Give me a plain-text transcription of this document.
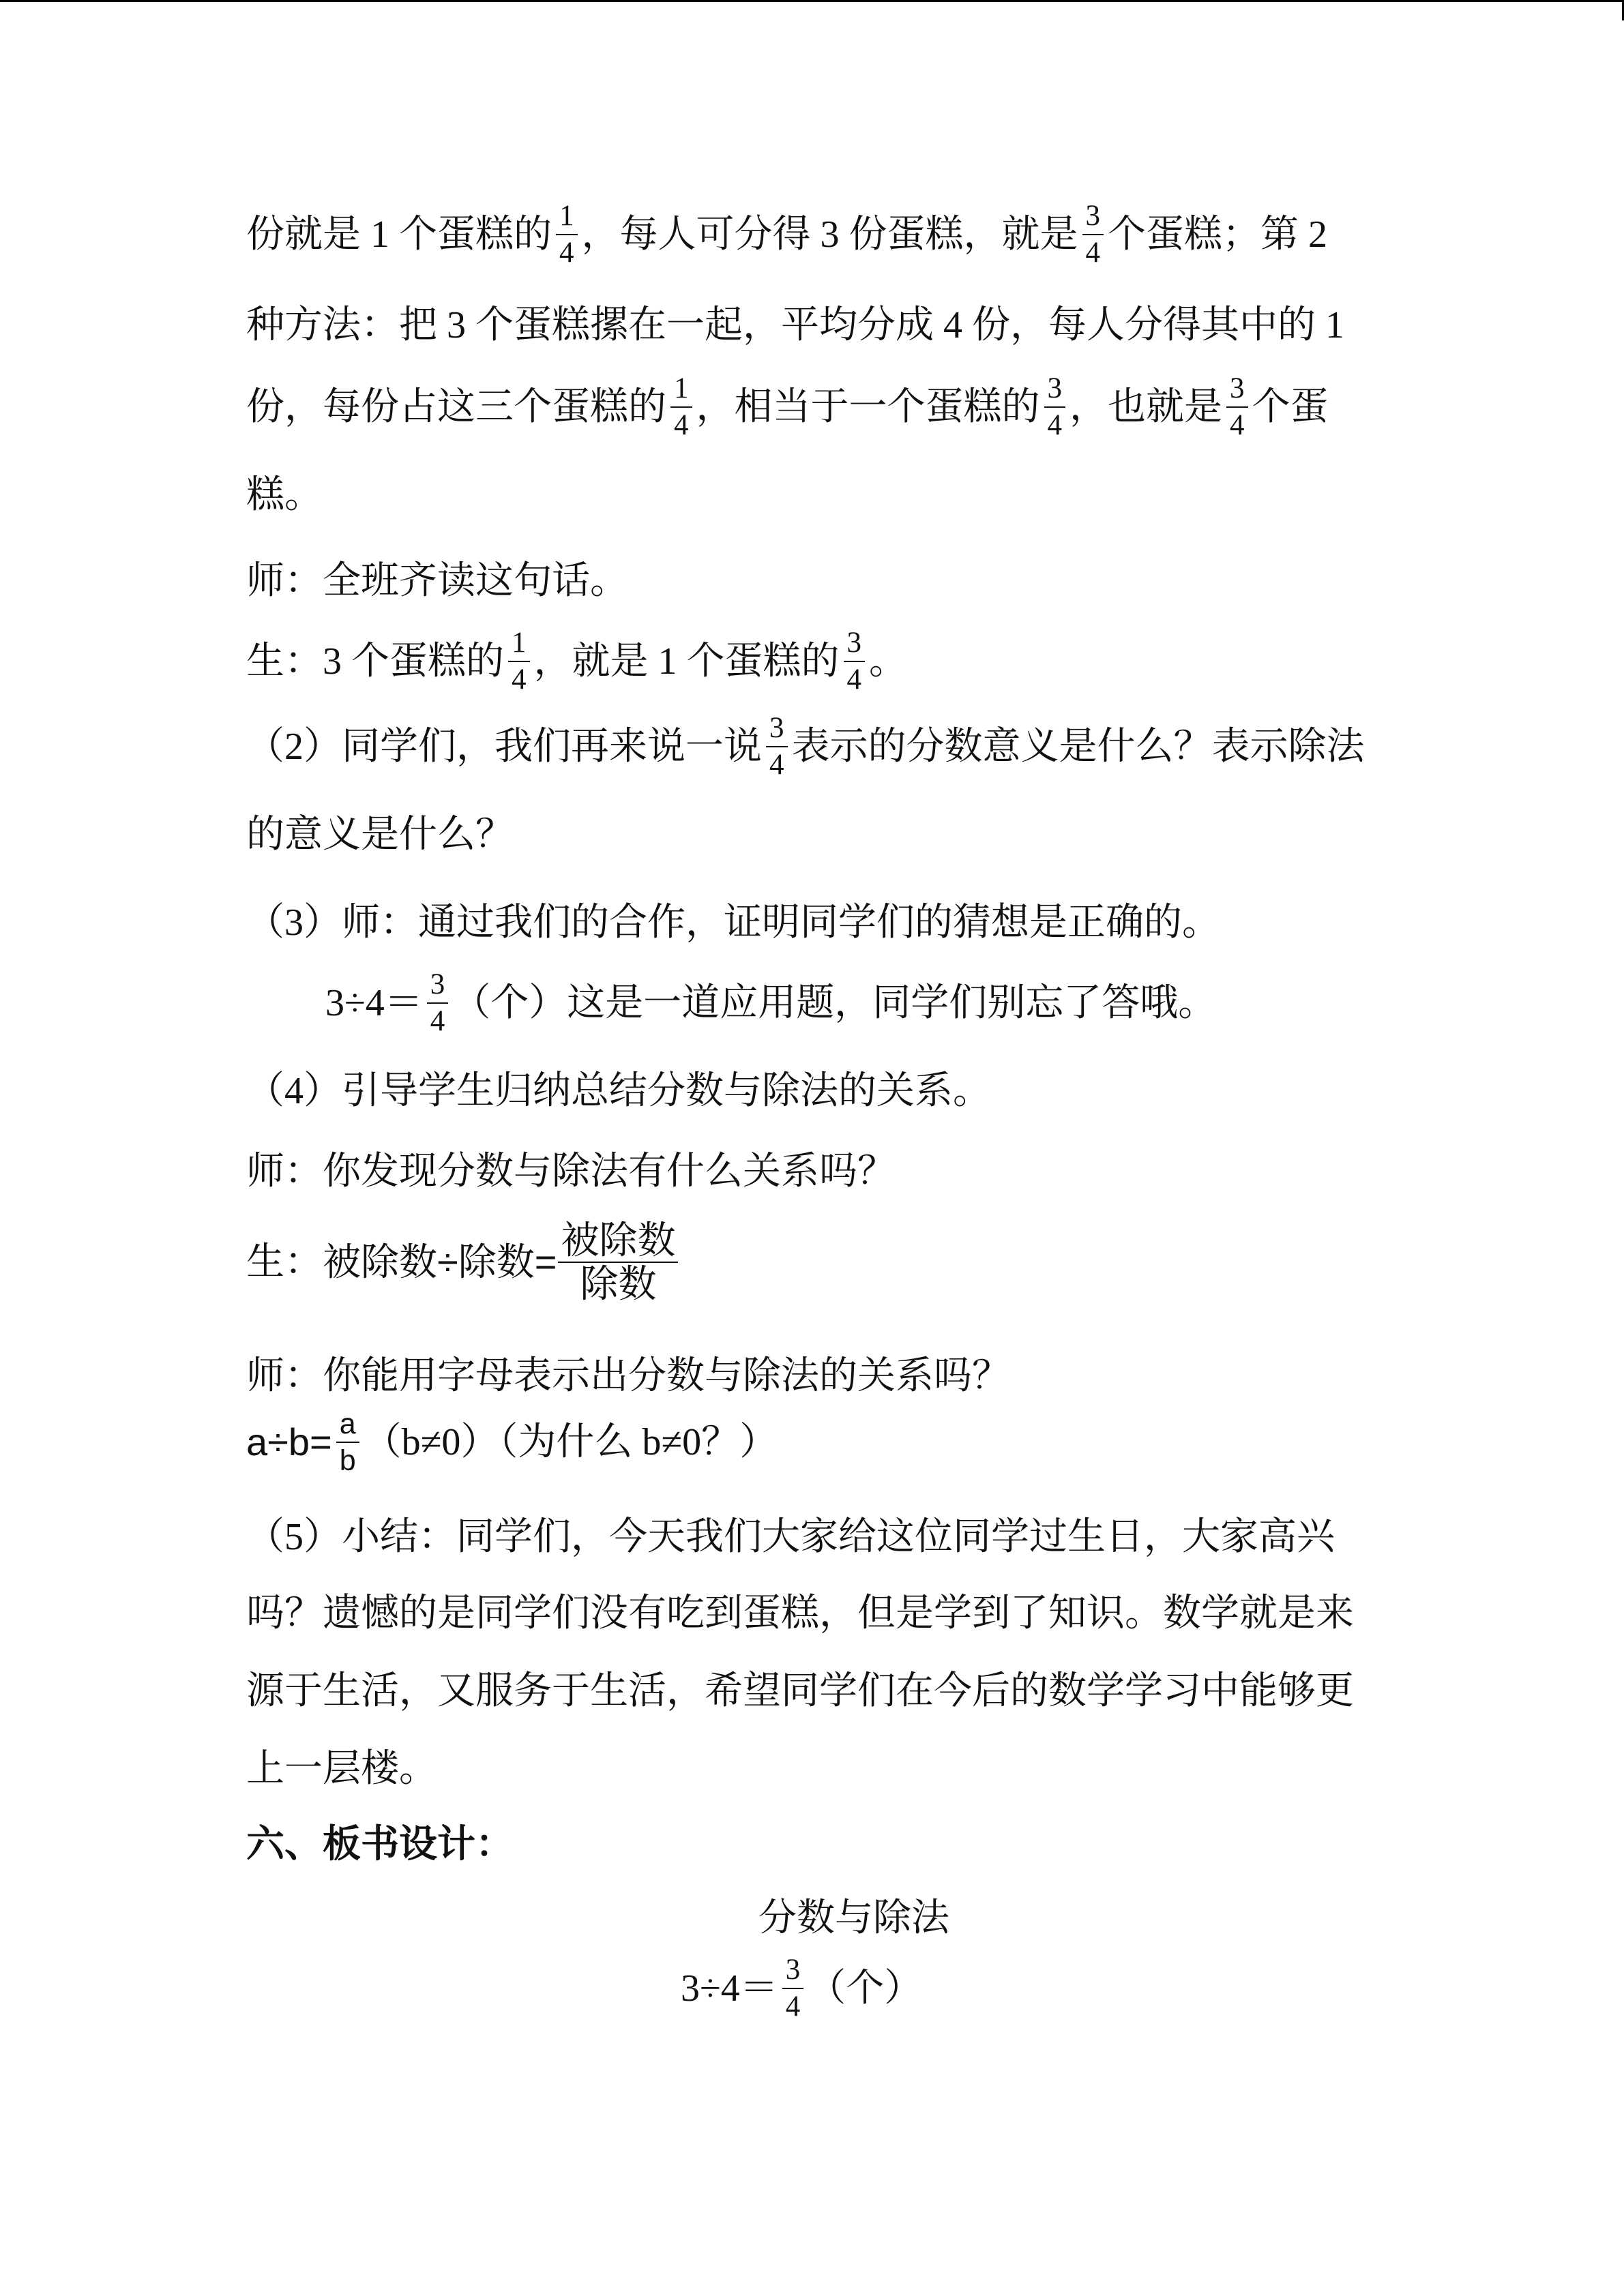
份就是 1 个蛋糕的 $\frac{1}{4}$ ，每人可分得 3 份蛋糕，就是 $\frac{3}{4}$ 个蛋糕；第 2
种方法：把 3 个蛋糕摞在一起，平均分成 4 份，每人分得其中的 1
份，每份占这三个蛋糕的 $\frac{1}{4}$ ，相当于一个蛋糕的 $\frac{3}{4}$ ，也就是 $\frac{3}{4}$ 个蛋
糕。
师：全班齐读这句话。
生：3 个蛋糕的 $\frac{1}{4}$ ，就是 1 个蛋糕的 $\frac{3}{4}$ 。
（2）同学们，我们再来说一说 $\frac{3}{4}$ 表示的分数意义是什么？表示除法
的意义是什么？
（3）师：通过我们的合作，证明同学们的猜想是正确的。
$3\div 4= \frac{3}{4}$ （个）这是一道应用题，同学们别忘了答哦。
（4）引导学生归纳总结分数与除法的关系。
师：你发现分数与除法有什么关系吗？
生： 被除数÷除数= $\frac{\text{被除数}}{\text{除数}}$
师：你能用字母表示出分数与除法的关系吗？
$a\div b= \frac{a}{b} (b\ne 0)$（为什么 b≠0？）
（5）小结：同学们，今天我们大家给这位同学过生日，大家高兴
吗？遗憾的是同学们没有吃到蛋糕，但是学到了知识。数学就是来
源于生活，又服务于生活，希望同学们在今后的数学学习中能够更
上一层楼。
六、板书设计：
分数与除法
$3\div 4= \frac{3}{4}$ （个）
